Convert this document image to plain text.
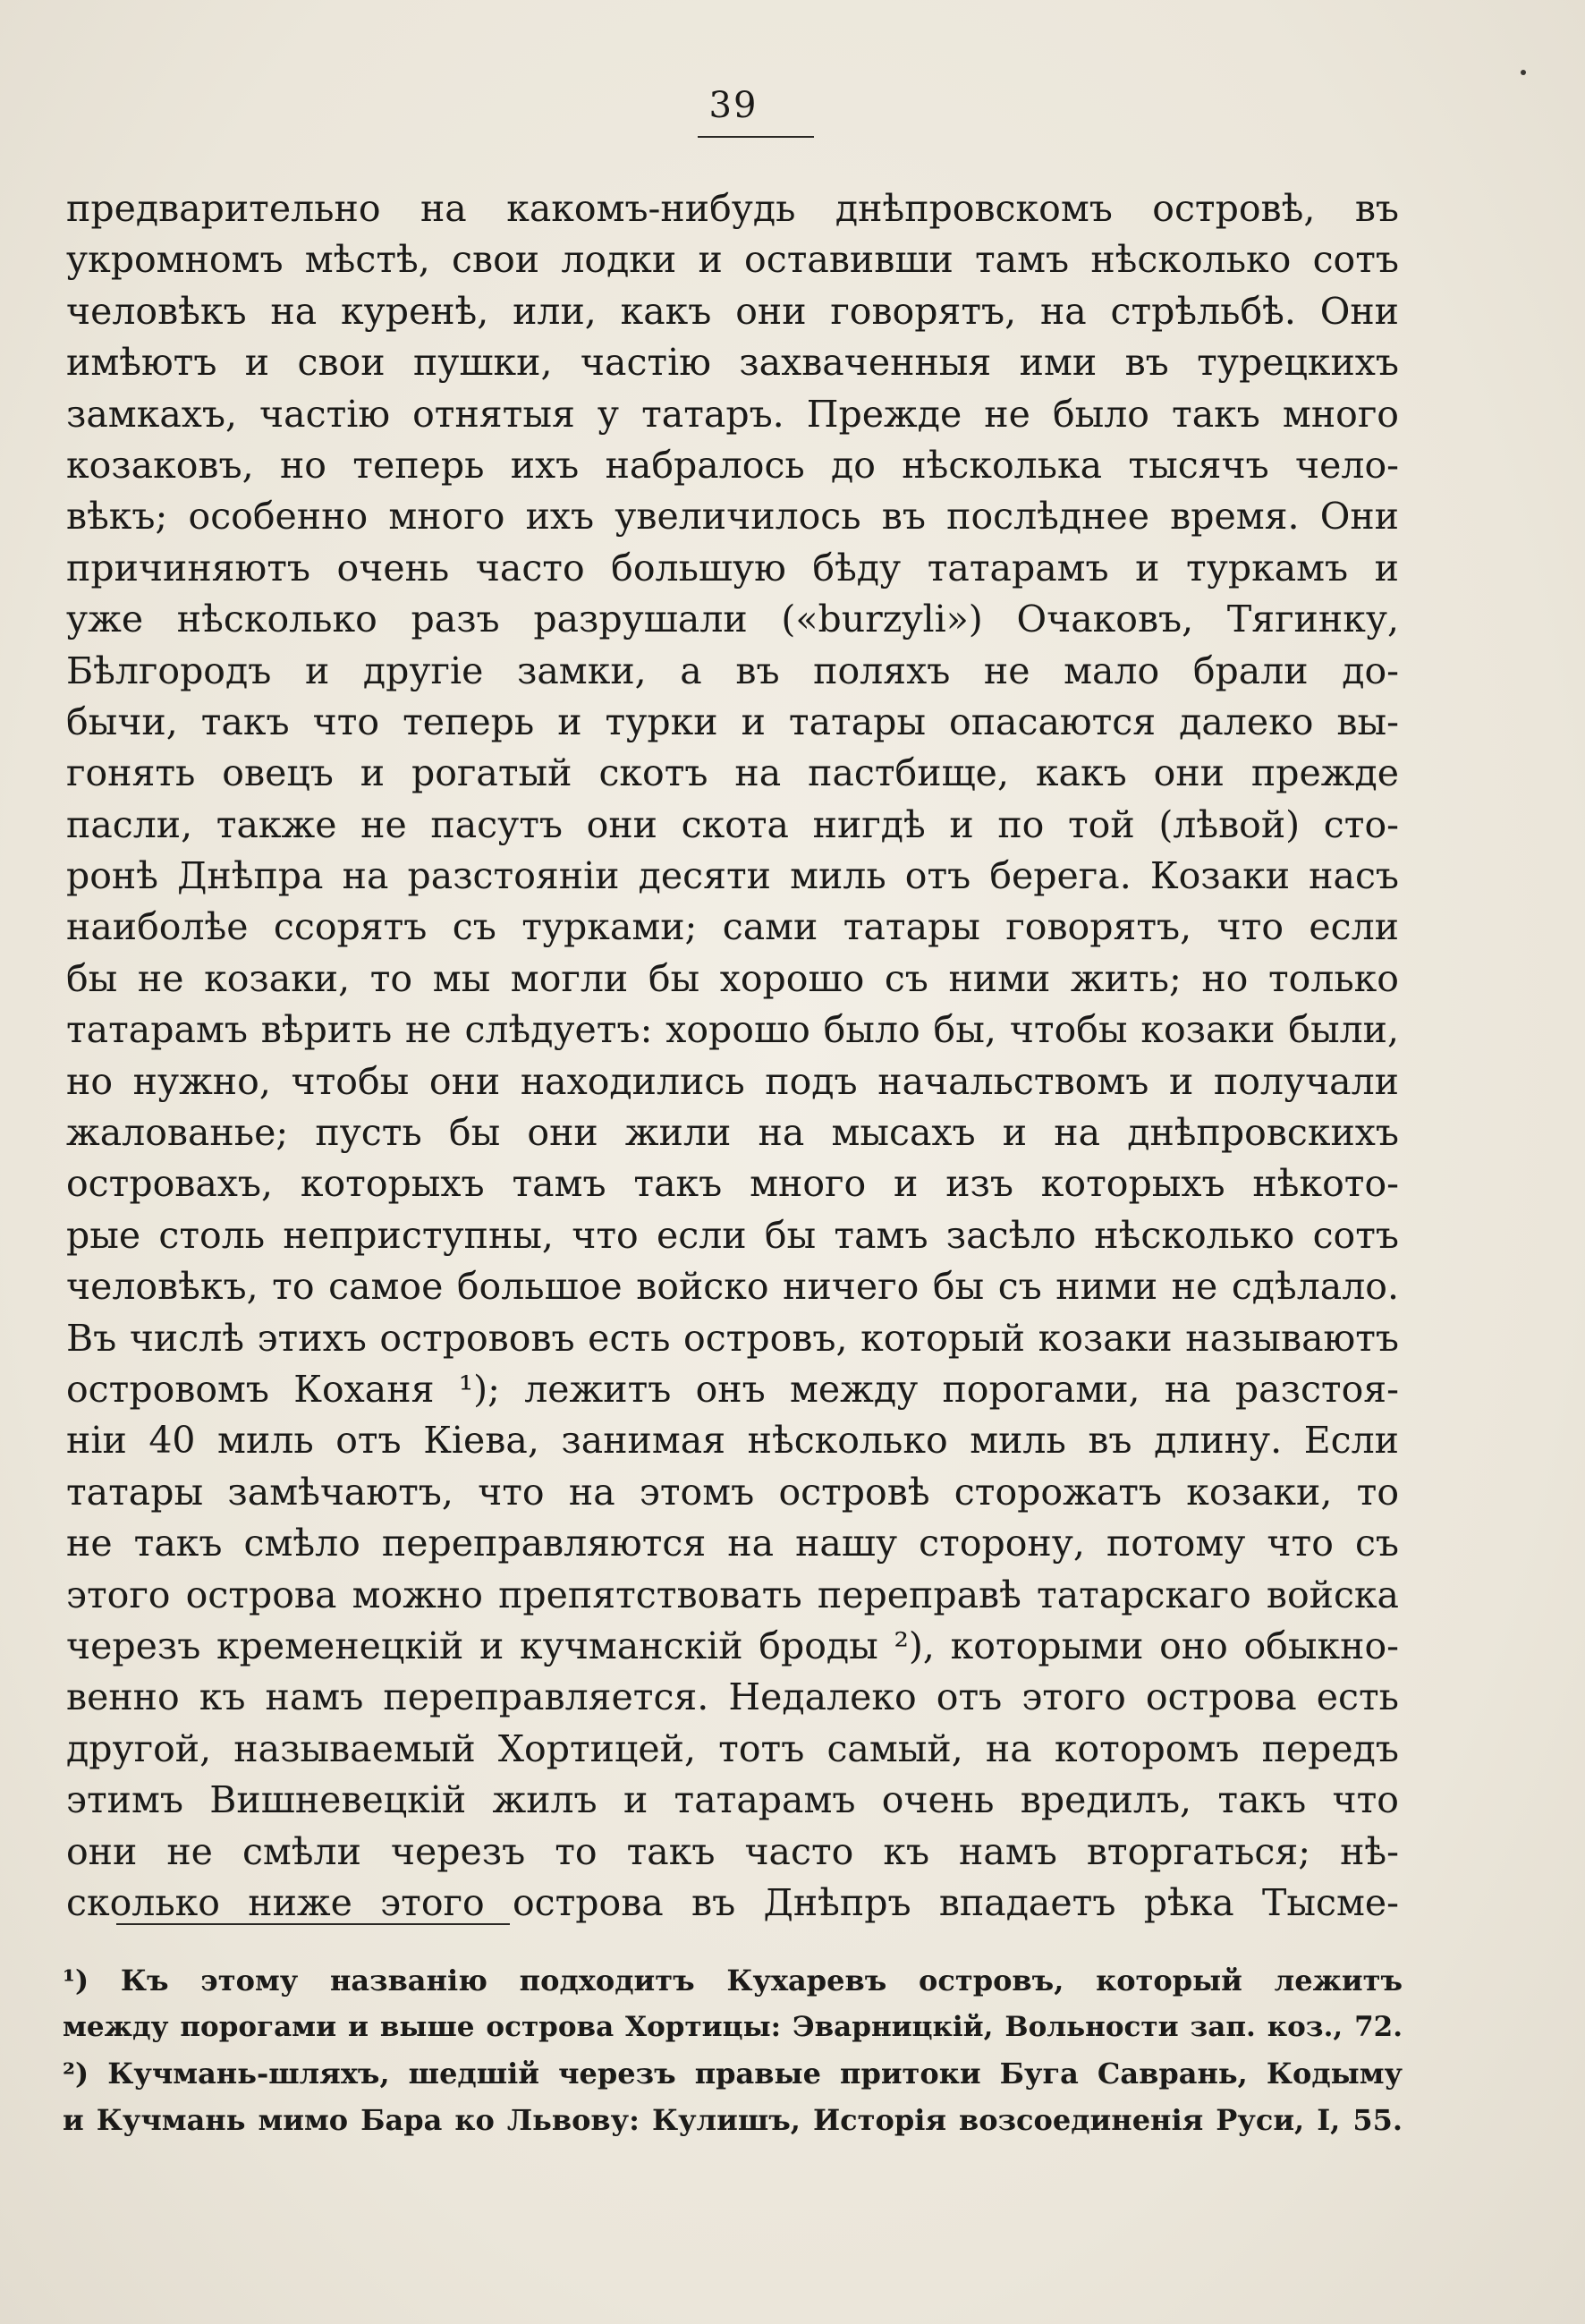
39
предварительно на какомъ-нибудь днѣпровскомъ островѣ, въ
укромномъ мѣстѣ, свои лодки и оставивши тамъ нѣсколько сотъ
человѣкъ на куренѣ, или, какъ они говорятъ, на стрѣльбѣ. Они
имѣютъ и свои пушки, частію захваченныя ими въ турецкихъ
замкахъ, частію отнятыя у татаръ. Прежде не было такъ много
козаковъ, но теперь ихъ набралось до нѣсколька тысячъ чело-
вѣкъ; особенно много ихъ увеличилось въ послѣднее время. Они
причиняютъ очень часто большую бѣду татарамъ и туркамъ и
уже нѣсколько разъ разрушали («burzyli») Очаковъ, Тягинку,
Бѣлгородъ и другіе замки, а въ поляхъ не мало брали до-
бычи, такъ что теперь и турки и татары опасаются далеко вы-
гонять овецъ и рогатый скотъ на пастбище, какъ они прежде
пасли, также не пасутъ они скота нигдѣ и по той (лѣвой) сто-
ронѣ Днѣпра на разстояніи десяти миль отъ берега. Козаки насъ
наиболѣе ссорятъ съ турками; сами татары говорятъ, что если
бы не козаки, то мы могли бы хорошо съ ними жить; но только
татарамъ вѣрить не слѣдуетъ: хорошо было бы, чтобы козаки были,
но нужно, чтобы они находились подъ начальствомъ и получали
жалованье; пусть бы они жили на мысахъ и на днѣпровскихъ
островахъ, которыхъ тамъ такъ много и изъ которыхъ нѣкото-
рые столь неприступны, что если бы тамъ засѣло нѣсколько сотъ
человѣкъ, то самое большое войско ничего бы съ ними не сдѣлало.
Въ числѣ этихъ острововъ есть островъ, который козаки называютъ
островомъ Коханя ¹); лежитъ онъ между порогами, на разстоя-
ніи 40 миль отъ Кіева, занимая нѣсколько миль въ длину. Если
татары замѣчаютъ, что на этомъ островѣ сторожатъ козаки, то
не такъ смѣло переправляются на нашу сторону, потому что съ
этого острова можно препятствовать переправѣ татарскаго войска
черезъ кременецкій и кучманскій броды ²), которыми оно обыкно-
венно къ намъ переправляется. Недалеко отъ этого острова есть
другой, называемый Хортицей, тотъ самый, на которомъ передъ
этимъ Вишневецкій жилъ и татарамъ очень вредилъ, такъ что
они не смѣли черезъ то такъ часто къ намъ вторгаться; нѣ-
сколько ниже этого острова въ Днѣпръ впадаетъ рѣка Тысме-
¹) Къ этому названію подходитъ Кухаревъ островъ, который лежитъ
между порогами и выше острова Хортицы: Эварницкій, Вольности зап. коз., 72.
²) Кучмань-шляхъ, шедшій черезъ правые притоки Буга Саврань, Кодыму
и Кучмань мимо Бара ко Львову: Кулишъ, Исторія возсоединенія Руси, I, 55.
